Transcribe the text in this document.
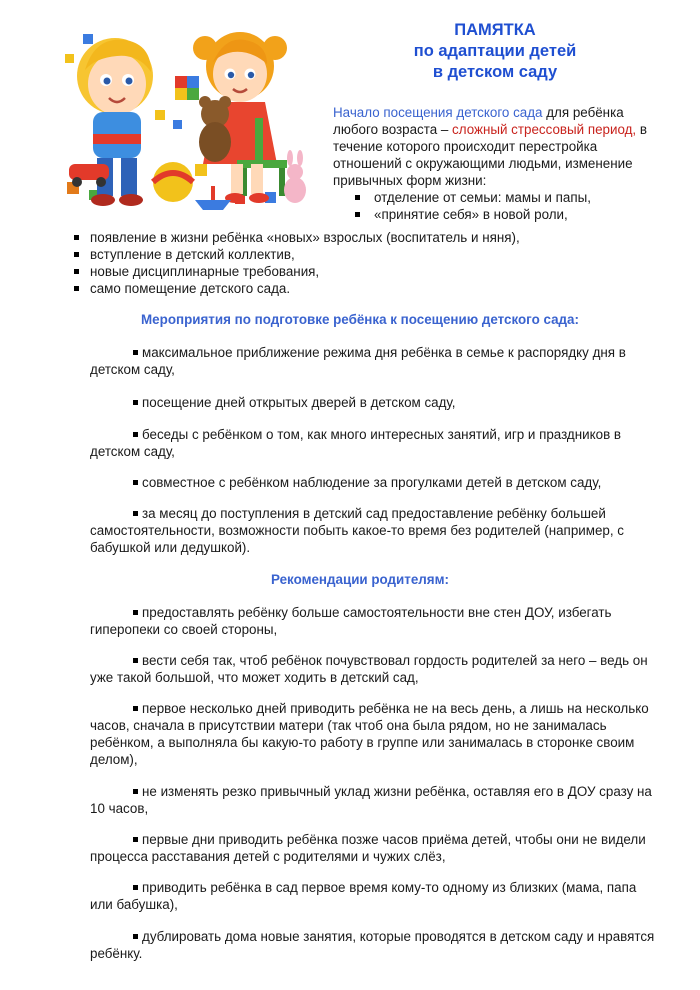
ПАМЯТКА
по адаптации детей
в детском саду

Начало посещения детского сада для ребёнка любого возраста – сложный стрессовый период, в течение которого происходит перестройка отношений с окружающими людьми, изменение привычных форм жизни:

отделение от семьи: мамы и папы,
«принятие себя» в новой роли,
появление в жизни ребёнка «новых» взрослых (воспитатель и няня),
вступление в детский коллектив,
новые дисциплинарные требования,
само помещение детского сада.
Мероприятия по подготовке ребёнка к посещению детского сада:
максимальное приближение режима дня ребёнка в семье к распорядку дня в детском саду,
посещение дней открытых дверей в детском саду,
беседы с ребёнком о том, как много интересных занятий, игр и праздников в детском саду,
совместное с ребёнком наблюдение за прогулками детей в детском саду,
за месяц до поступления в детский сад предоставление ребёнку большей самостоятельности, возможности побыть какое-то время без родителей (например, с бабушкой или дедушкой).
Рекомендации родителям:
предоставлять ребёнку больше самостоятельности вне стен ДОУ, избегать гиперопеки со своей стороны,
вести себя так, чтоб ребёнок почувствовал гордость родителей за него – ведь он уже такой большой, что может ходить в детский сад,
первое несколько дней приводить ребёнка не на весь день, а лишь на несколько часов, сначала в присутствии матери (так чтоб она была рядом, но не занималась ребёнком, а выполняла бы какую-то работу в группе или занималась в сторонке своим делом),
не изменять резко привычный уклад жизни ребёнка, оставляя его в ДОУ сразу на 10 часов,
первые дни приводить ребёнка позже часов приёма детей, чтобы они не видели процесса расставания детей с родителями и чужих слёз,
приводить ребёнка в сад первое время кому-то одному из близких (мама, папа или бабушка),
дублировать дома новые занятия, которые проводятся в детском саду и нравятся ребёнку.
